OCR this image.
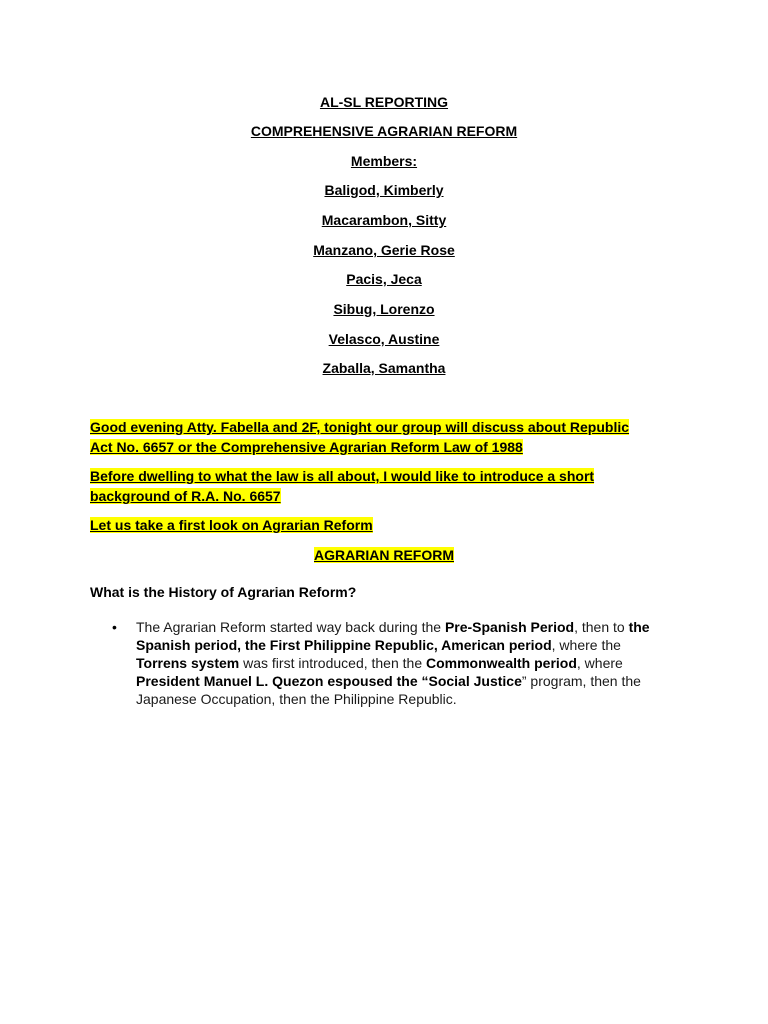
AL-SL REPORTING
COMPREHENSIVE AGRARIAN REFORM
Members:
Baligod, Kimberly
Macarambon, Sitty
Manzano, Gerie Rose
Pacis, Jeca
Sibug, Lorenzo
Velasco, Austine
Zaballa, Samantha
Good evening Atty. Fabella and 2F, tonight our group will discuss about Republic
Act No. 6657 or the Comprehensive Agrarian Reform Law of 1988
Before dwelling to what the law is all about, I would like to introduce a short
background of R.A. No. 6657
Let us take a first look on Agrarian Reform
AGRARIAN REFORM
What is the History of Agrarian Reform?
• The Agrarian Reform started way back during the Pre-Spanish Period, then to the Spanish period, the First Philippine Republic, American period, where the Torrens system was first introduced, then the Commonwealth period, where President Manuel L. Quezon espoused the “Social Justice” program, then the Japanese Occupation, then the Philippine Republic.
